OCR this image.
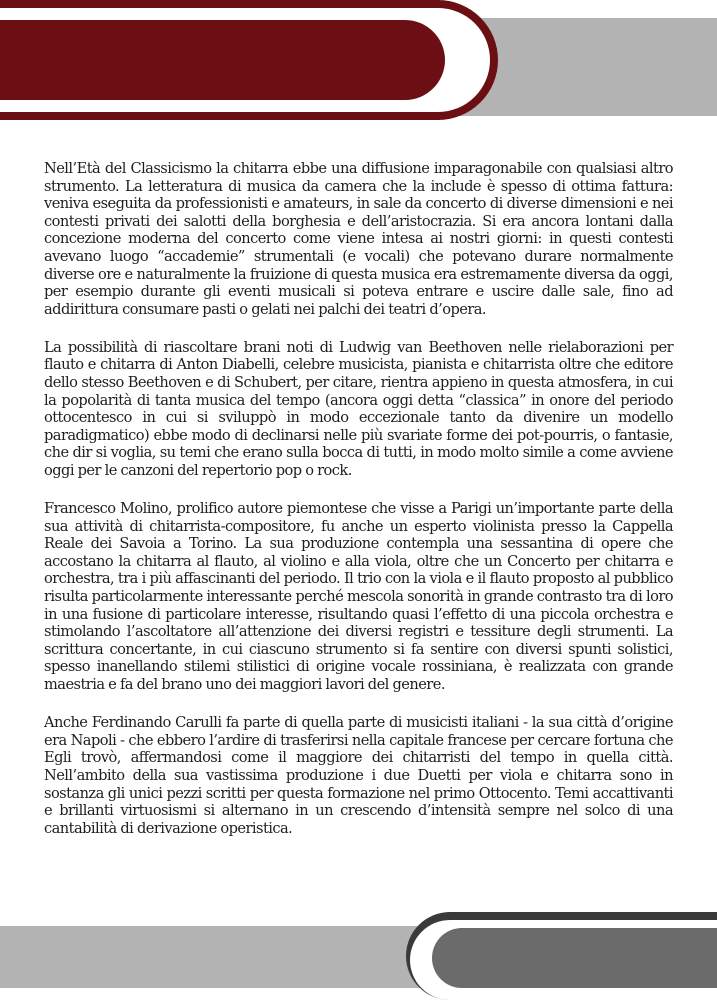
Nell’Età del Classicismo la chitarra ebbe una diffusione imparagonabile con qualsiasi altro strumento. La letteratura di musica da camera che la include è spesso di ottima fattura: veniva eseguita da professionisti e amateurs, in sale da concerto di diverse dimensioni e nei contesti privati dei salotti della borghesia e dell’aristocrazia. Si era ancora lontani dalla concezione moderna del concerto come viene intesa ai nostri giorni: in questi contesti avevano luogo “accademie” strumentali (e vocali) che potevano durare normalmente diverse ore e naturalmente la fruizione di questa musica era estremamente diversa da oggi, per esempio durante gli eventi musicali si poteva entrare e uscire dalle sale, fino ad addirittura consumare pasti o gelati nei palchi dei teatri d’opera.

La possibilità di riascoltare brani noti di Ludwig van Beethoven nelle rielaborazioni per flauto e chitarra di Anton Diabelli, celebre musicista, pianista e chitarrista oltre che editore dello stesso Beethoven e di Schubert, per citare, rientra appieno in questa atmosfera, in cui la popolarità di tanta musica del tempo (ancora oggi detta “classica” in onore del periodo ottocentesco in cui si sviluppò in modo eccezionale tanto da divenire un modello paradigmatico) ebbe modo di declinarsi nelle più svariate forme dei pot-pourris, o fantasie, che dir si voglia, su temi che erano sulla bocca di tutti, in modo molto simile a come avviene oggi per le canzoni del repertorio pop o rock.

Francesco Molino, prolifico autore piemontese che visse a Parigi un’importante parte della sua attività di chitarrista-compositore, fu anche un esperto violinista presso la Cappella Reale dei Savoia a Torino. La sua produzione contempla una sessantina di opere che accostano la chitarra al flauto, al violino e alla viola, oltre che un Concerto per chitarra e orchestra, tra i più affascinanti del periodo. Il trio con la viola e il flauto proposto al pubblico risulta particolarmente interessante perché mescola sonorità in grande contrasto tra di loro in una fusione di particolare interesse, risultando quasi l’effetto di una piccola orchestra e stimolando l’ascoltatore all’attenzione dei diversi registri e tessiture degli strumenti. La scrittura concertante, in cui ciascuno strumento si fa sentire con diversi spunti solistici, spesso inanellando stilemi stilistici di origine vocale rossiniana, è realizzata con grande maestria e fa del brano uno dei maggiori lavori del genere.

Anche Ferdinando Carulli fa parte di quella parte di musicisti italiani - la sua città d’origine era Napoli - che ebbero l’ardire di trasferirsi nella capitale francese per cercare fortuna che Egli trovò, affermandosi come il maggiore dei chitarristi del tempo in quella città. Nell’ambito della sua vastissima produzione i due Duetti per viola e chitarra sono in sostanza gli unici pezzi scritti per questa formazione nel primo Ottocento. Temi accattivanti e brillanti virtuosismi si alternano in un crescendo d’intensità sempre nel solco di una cantabilità di derivazione operistica.
